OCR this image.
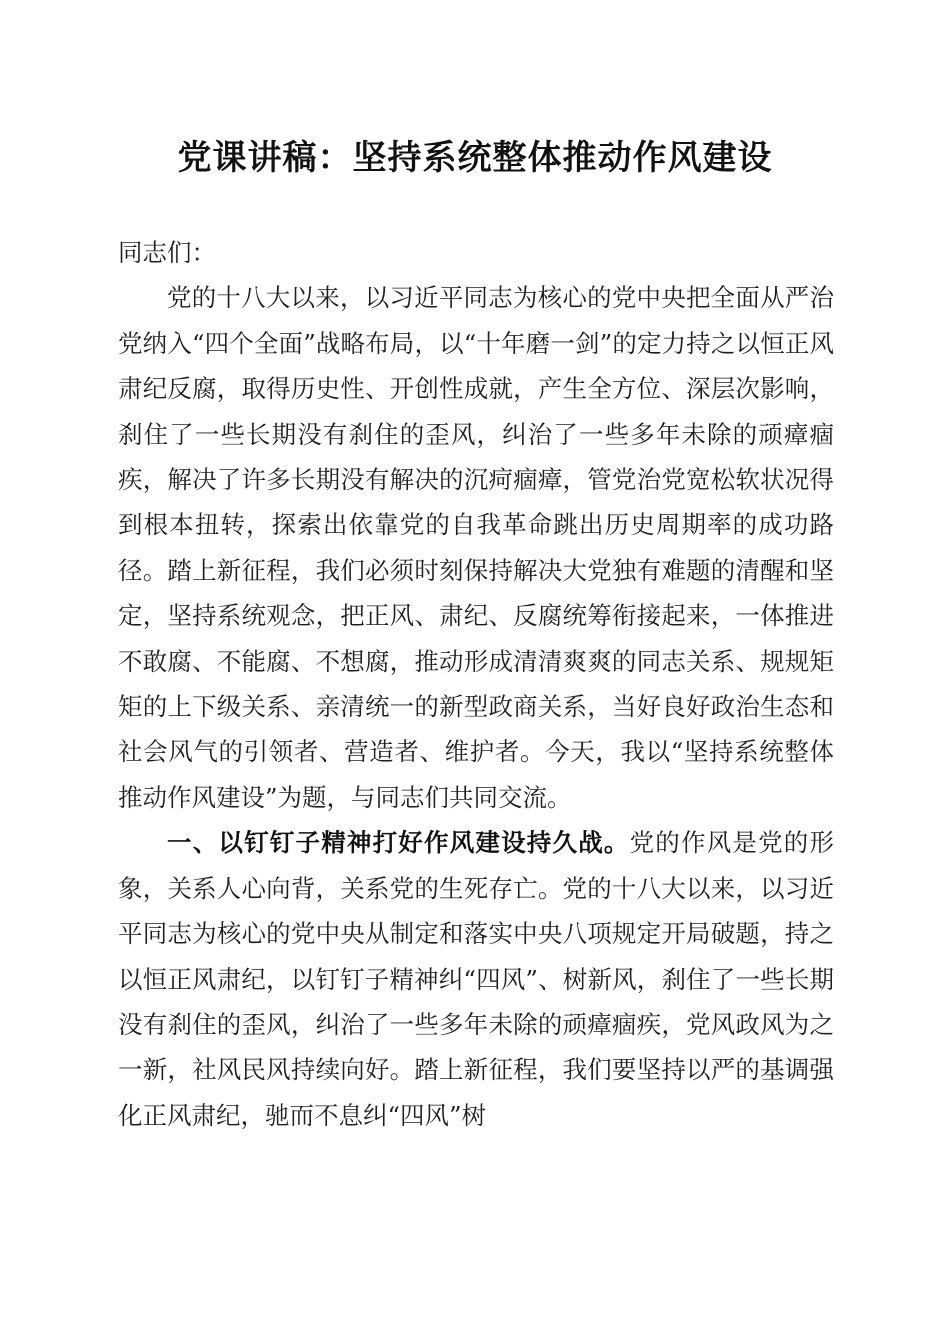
党课讲稿：坚持系统整体推动作风建设

同志们：

党的十八大以来，以习近平同志为核心的党中央把全面从严治党纳入“四个全面”战略布局，以“十年磨一剑”的定力持之以恒正风肃纪反腐，取得历史性、开创性成就，产生全方位、深层次影响，刹住了一些长期没有刹住的歪风，纠治了一些多年未除的顽瘴痼疾，解决了许多长期没有解决的沉疴痼瘴，管党治党宽松软状况得到根本扭转，探索出依靠党的自我革命跳出历史周期率的成功路径。踏上新征程，我们必须时刻保持解决大党独有难题的清醒和坚定，坚持系统观念，把正风、肃纪、反腐统筹衔接起来，一体推进不敢腐、不能腐、不想腐，推动形成清清爽爽的同志关系、规规矩矩的上下级关系、亲清统一的新型政商关系，当好良好政治生态和社会风气的引领者、营造者、维护者。今天，我以“坚持系统整体推动作风建设”为题，与同志们共同交流。

一、以钉钉子精神打好作风建设持久战。党的作风是党的形象，关系人心向背，关系党的生死存亡。党的十八大以来，以习近平同志为核心的党中央从制定和落实中央八项规定开局破题，持之以恒正风肃纪，以钉钉子精神纠“四风”、树新风，刹住了一些长期没有刹住的歪风，纠治了一些多年未除的顽瘴痼疾，党风政风为之一新，社风民风持续向好。踏上新征程，我们要坚持以严的基调强化正风肃纪，驰而不息纠“四风”树
